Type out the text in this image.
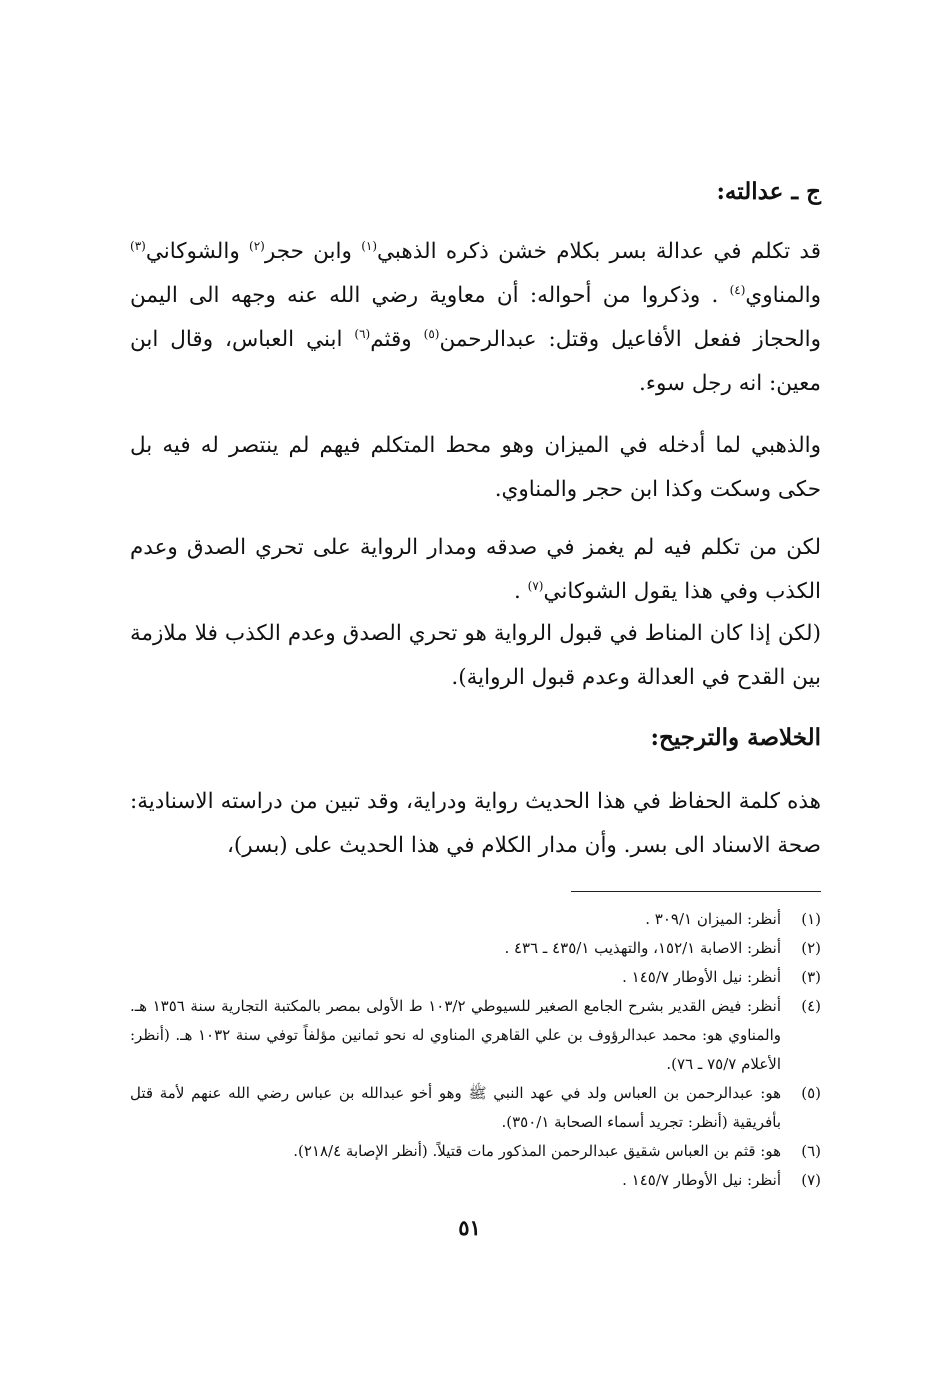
ج ـ عدالته:

قد تكلم في عدالة بسر بكلام خشن ذكره الذهبي$^{(١)}$ وابن حجر$^{(٢)}$ والشوكاني$^{(٣)}$ والمناوي$^{(٤)}$ . وذكروا من أحواله: أن معاوية رضي الله عنه وجهه الى اليمن والحجاز ففعل الأفاعيل وقتل: عبدالرحمن$^{(٥)}$ وقثم$^{(٦)}$ ابني العباس، وقال ابن معين: انه رجل سوء.

والذهبي لما أدخله في الميزان وهو محط المتكلم فيهم لم ينتصر له فيه بل حكى وسكت وكذا ابن حجر والمناوي.

لكن من تكلم فيه لم يغمز في صدقه ومدار الرواية على تحري الصدق وعدم الكذب وفي هذا يقول الشوكاني$^{(٧)}$ .

(لكن إذا كان المناط في قبول الرواية هو تحري الصدق وعدم الكذب فلا ملازمة بين القدح في العدالة وعدم قبول الرواية).

الخلاصة والترجيح:

هذه كلمة الحفاظ في هذا الحديث رواية ودراية، وقد تبين من دراسته الاسنادية: صحة الاسناد الى بسر. وأن مدار الكلام في هذا الحديث على (بسر)،

(١)
أنظر: الميزان ٣٠٩/١ .
(٢)
أنظر: الاصابة ١٥٢/١، والتهذيب ٤٣٥/١ ـ ٤٣٦ .
(٣)
أنظر: نيل الأوطار ١٤٥/٧ .
(٤)
أنظر: فيض القدير بشرح الجامع الصغير للسيوطي ١٠٣/٢ ط الأولى بمصر بالمكتبة التجارية سنة ١٣٥٦ هـ. والمناوي هو: محمد عبدالرؤوف بن علي القاهري المناوي له نحو ثمانين مؤلفاً توفي سنة ١٠٣٢ هـ. (أنظر: الأعلام ٧٥/٧ ـ ٧٦).
(٥)
هو: عبدالرحمن بن العباس ولد في عهد النبي ﷺ وهو أخو عبدالله بن عباس رضي الله عنهم لأمة قتل بأفريقية (أنظر: تجريد أسماء الصحابة ٣٥٠/١).
(٦)
هو: قثم بن العباس شقيق عبدالرحمن المذكور مات قتيلاً. (أنظر الإصابة ٢١٨/٤).
(٧)
أنظر: نيل الأوطار ١٤٥/٧ .
٥١
